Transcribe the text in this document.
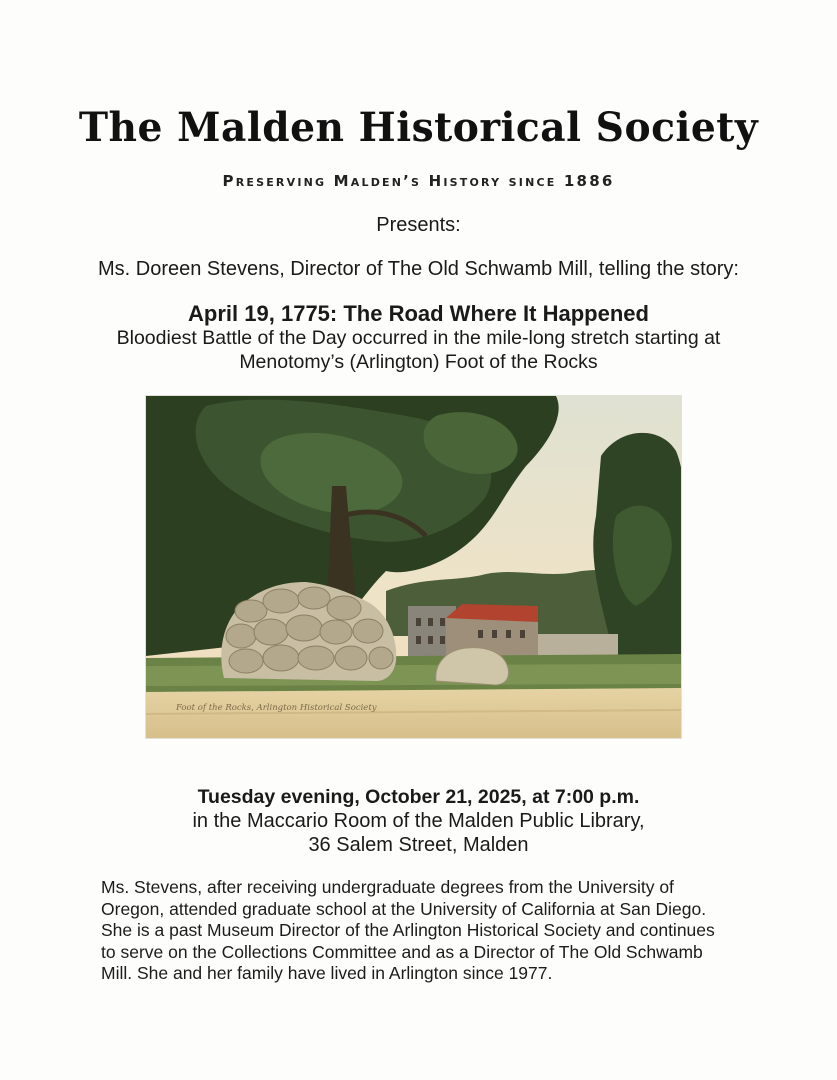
The Malden Historical Society
Preserving Malden’s History since 1886
Presents:
Ms. Doreen Stevens, Director of The Old Schwamb Mill, telling the story:
April 19, 1775: The Road Where It Happened
Bloodiest Battle of the Day occurred in the mile-long stretch starting at
Menotomy’s (Arlington) Foot of the Rocks
Foot of the Rocks, Arlington Historical Society
Tuesday evening, October 21, 2025, at 7:00 p.m.
in the Maccario Room of the Malden Public Library,
36 Salem Street, Malden
Ms. Stevens, after receiving undergraduate degrees from the University of
Oregon, attended graduate school at the University of California at San Diego.
She is a past Museum Director of the Arlington Historical Society and continues
to serve on the Collections Committee and as a Director of The Old Schwamb
Mill. She and her family have lived in Arlington since 1977.
